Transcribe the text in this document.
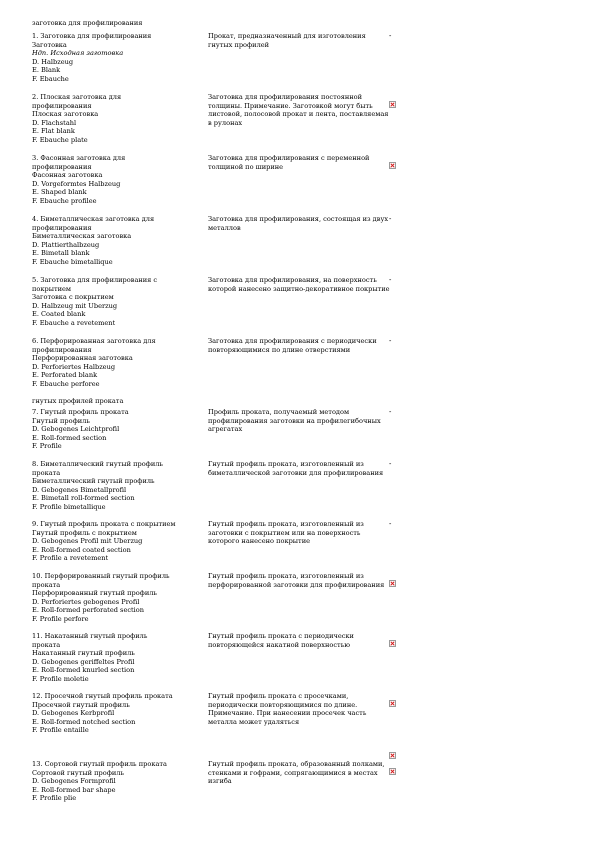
заготовка для профилирования
1. Заготовка для профилирования
Заготовка
Ндп. Исходная заготовка
D. Halbzeug
E. Blank
F. Ebauche
Прокат, предназначенный для изготовления гнутых профилей
-
2. Плоская заготовка для
профилирования
Плоская заготовка
D. Flachstahl
E. Flat blank
F. Ebauche plate
Заготовка для профилирования постоянной толщины. Примечание. Заготовкой могут быть листовой, полосовой прокат и лента, поставляемая в рулонах
3. Фасонная заготовка для
профилирования
Фасонная заготовка
D. Vorgeformtes Halbzeug
E. Shaped blank
F. Ebauche profilee
Заготовка для профилирования с переменной толщиной по ширине
4. Биметаллическая заготовка для
профилирования
Биметаллическая заготовка
D. Plattierthalbzeug
E. Bimetall blank
F. Ebauche bimetallique
Заготовка для профилирования, состоящая из двух металлов
-
5. Заготовка для профилирования с
покрытием
Заготовка с покрытием
D. Halbzeug mit Uberzug
E. Coated blank
F. Ebauche a revetement
Заготовка для профилирования, на поверхность которой нанесено защитно-декоративное покрытие
-
6. Перфорированная заготовка для
профилирования
Перфорированная заготовка
D. Perforiertes Halbzeug
E. Perforated blank
F. Ebauche perforee
Заготовка для профилирования с периодически повторяющимися по длине отверстиями
-
гнутых профилей проката
7. Гнутый профиль проката
Гнутый профиль
D. Gebogenes Leichtprofil
E. Roll-formed section
F. Profile
Профиль проката, получаемый методом профилирования заготовки на профилегибочных агрегатах
-
8. Биметаллический гнутый профиль
проката
Биметаллический гнутый профиль
D. Gebogenes Bimetallprofil
E. Bimetall roll-formed section
F. Profile bimetallique
Гнутый профиль проката, изготовленный из биметаллической заготовки для профилирования
-
9. Гнутый профиль проката с покрытием
Гнутый профиль с покрытием
D. Gebogenes Profil mit Uberzug
E. Roll-formed coated section
F. Profile a revetement
Гнутый профиль проката, изготовленный из заготовки с покрытием или на поверхность которого нанесено покрытие
-
10. Перфорированный гнутый профиль
проката
Перфорированный гнутый профиль
D. Perforiertes gebogenes Profil
E. Roll-formed perforated section
F. Profile perfore
Гнутый профиль проката, изготовленный из перфорированной заготовки для профилирования
11. Накатанный гнутый профиль
проката
Накатанный гнутый профиль
D. Gebogenes geriffeltes Profil
E. Roll-formed knurled section
F. Profile moletie
Гнутый профиль проката с периодически повторяющейся накатной поверхностью
12. Просечной гнутый профиль проката
Просечной гнутый профиль
D. Gebogenes Kerbprofil
E. Roll-formed notched section
F. Profile entaille
Гнутый профиль проката с просечками, периодически повторяющимися по длине. Примечание. При нанесении просечек часть металла может удаляться
13. Сортовой гнутый профиль проката
Сортовой гнутый профиль
D. Gebogenes Formprofil
E. Roll-formed bar shape
F. Profile plie
Гнутый профиль проката, образованный полками, стенками и гофрами, сопрягающимися в местах изгиба
